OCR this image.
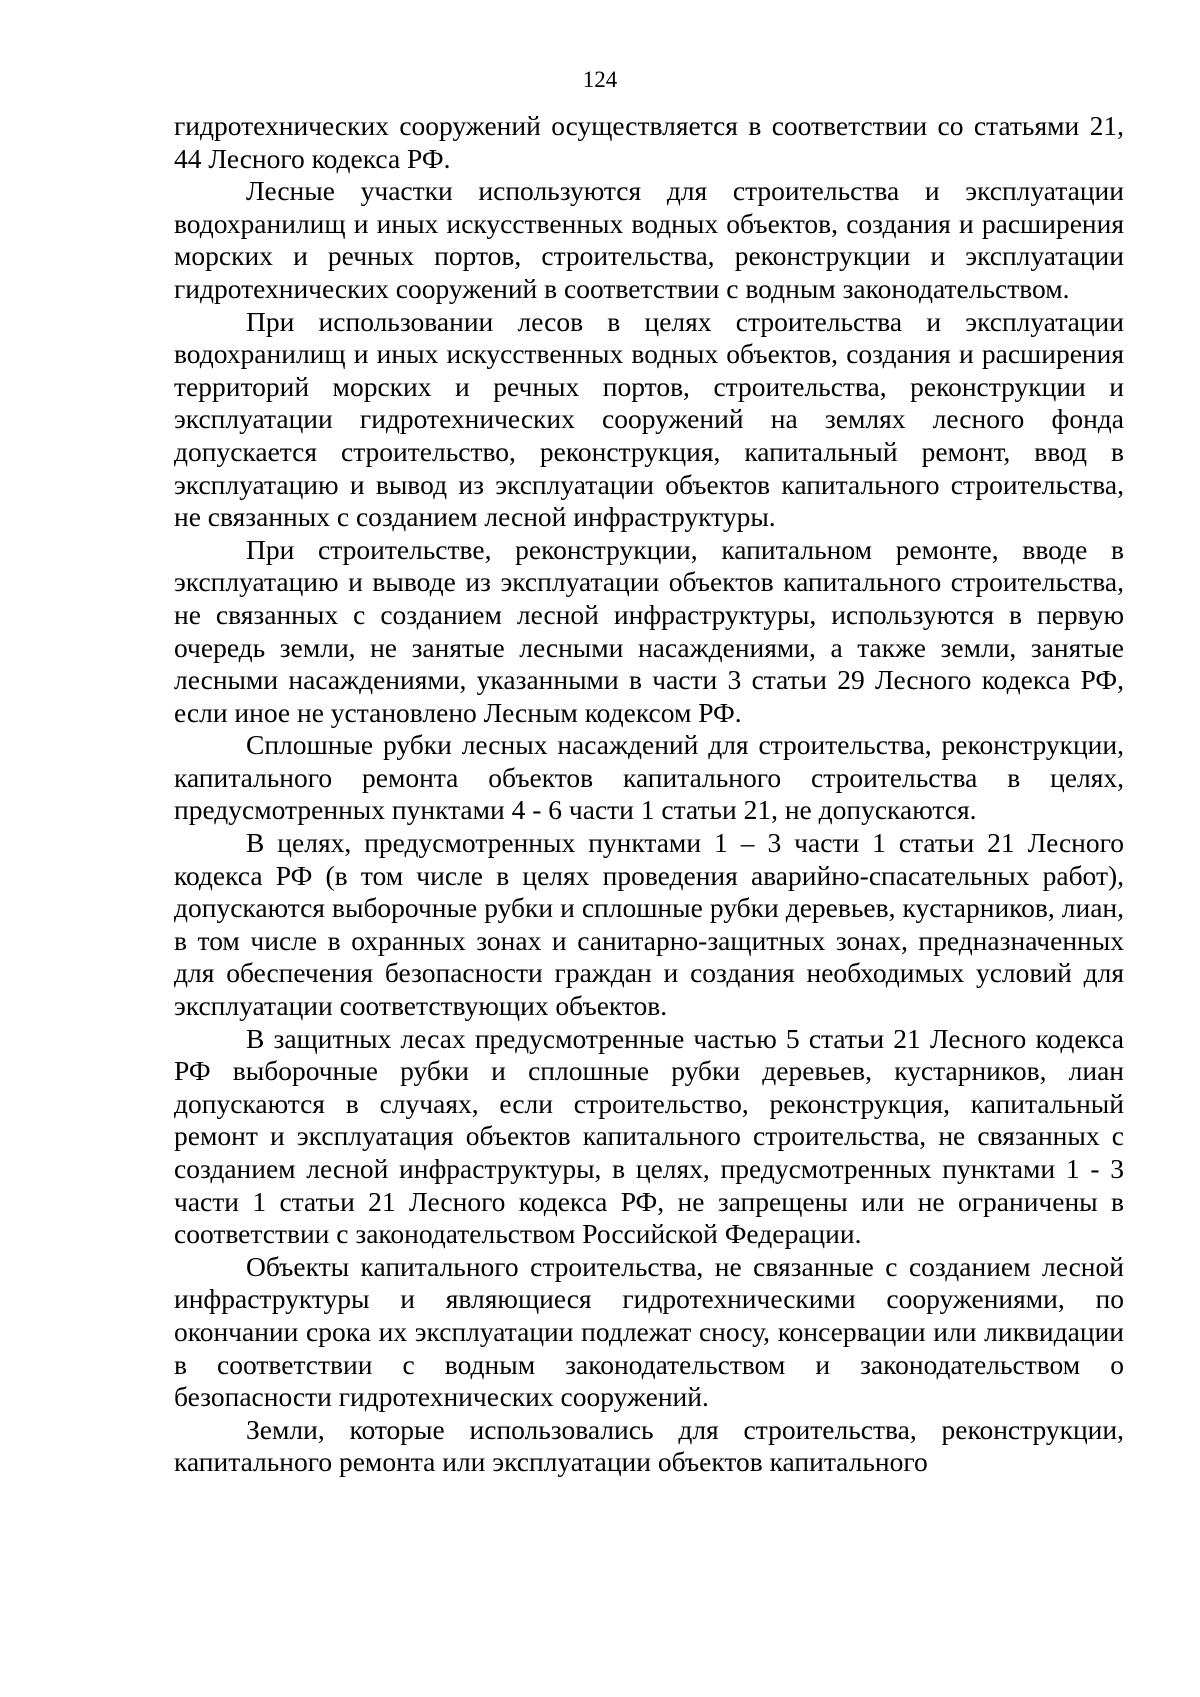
124

гидротехнических сооружений осуществляется в соответствии со статьями 21, 44 Лесного кодекса РФ.

Лесные участки используются для строительства и эксплуатации водохранилищ и иных искусственных водных объектов, создания и расширения морских и речных портов, строительства, реконструкции и эксплуатации гидротехнических сооружений в соответствии с водным законодательством.

При использовании лесов в целях строительства и эксплуатации водохранилищ и иных искусственных водных объектов, создания и расширения территорий морских и речных портов, строительства, реконструкции и эксплуатации гидротехнических сооружений на землях лесного фонда допускается строительство, реконструкция, капитальный ремонт, ввод в эксплуатацию и вывод из эксплуатации объектов капитального строительства, не связанных с созданием лесной инфраструктуры.

При строительстве, реконструкции, капитальном ремонте, вводе в эксплуатацию и выводе из эксплуатации объектов капитального строительства, не связанных с созданием лесной инфраструктуры, используются в первую очередь земли, не занятые лесными насаждениями, а также земли, занятые лесными насаждениями, указанными в части 3 статьи 29 Лесного кодекса РФ, если иное не установлено Лесным кодексом РФ.

Сплошные рубки лесных насаждений для строительства, реконструкции, капитального ремонта объектов капитального строительства в целях, предусмотренных пунктами 4 - 6 части 1 статьи 21, не допускаются.

В целях, предусмотренных пунктами 1 – 3 части 1 статьи 21 Лесного кодекса РФ (в том числе в целях проведения аварийно-спасательных работ), допускаются выборочные рубки и сплошные рубки деревьев, кустарников, лиан, в том числе в охранных зонах и санитарно-защитных зонах, предназначенных для обеспечения безопасности граждан и создания необходимых условий для эксплуатации соответствующих объектов.

В защитных лесах предусмотренные частью 5 статьи 21 Лесного кодекса РФ выборочные рубки и сплошные рубки деревьев, кустарников, лиан допускаются в случаях, если строительство, реконструкция, капитальный ремонт и эксплуатация объектов капитального строительства, не связанных с созданием лесной инфраструктуры, в целях, предусмотренных пунктами 1 - 3 части 1 статьи 21 Лесного кодекса РФ, не запрещены или не ограничены в соответствии с законодательством Российской Федерации.

Объекты капитального строительства, не связанные с созданием лесной инфраструктуры и являющиеся гидротехническими сооружениями, по окончании срока их эксплуатации подлежат сносу, консервации или ликвидации в соответствии с водным законодательством и законодательством о безопасности гидротехнических сооружений.

Земли, которые использовались для строительства, реконструкции, капитального ремонта или эксплуатации объектов капитального
